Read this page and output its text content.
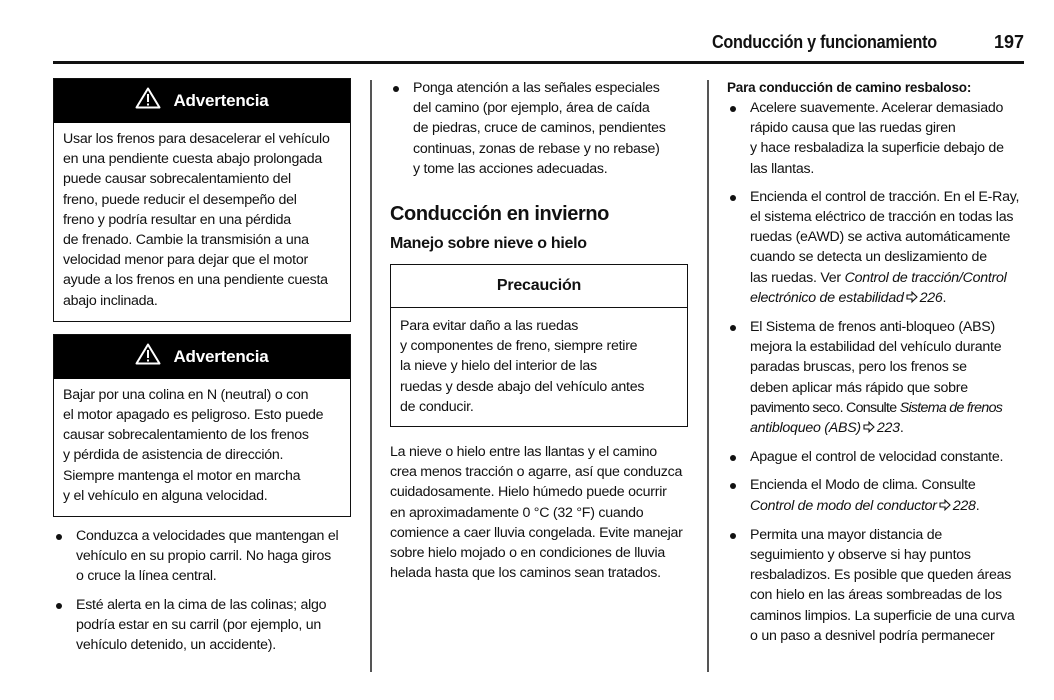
Conducción y funcionamiento	197
Advertencia

Usar los frenos para desacelerar el vehículo

en una pendiente cuesta abajo prolongada

puede causar sobrecalentamiento del

freno, puede reducir el desempeño del

freno y podría resultar en una pérdida

de frenado. Cambie la transmisión a una

velocidad menor para dejar que el motor

ayude a los frenos en una pendiente cuesta

abajo inclinada.

Advertencia

Bajar por una colina en N (neutral) o con

el motor apagado es peligroso. Esto puede

causar sobrecalentamiento de los frenos

y pérdida de asistencia de dirección.

Siempre mantenga el motor en marcha

y el vehículo en alguna velocidad.

Conduzca a velocidades que mantengan el

vehículo en su propio carril. No haga giros

o cruce la línea central.

Esté alerta en la cima de las colinas; algo

podría estar en su carril (por ejemplo, un

vehículo detenido, un accidente).

Ponga atención a las señales especiales

del camino (por ejemplo, área de caída

de piedras, cruce de caminos, pendientes

continuas, zonas de rebase y no rebase)

y tome las acciones adecuadas.

Conducción en invierno
Manejo sobre nieve o hielo
Precaución

Para evitar daño a las ruedas

y componentes de freno, siempre retire

la nieve y hielo del interior de las

ruedas y desde abajo del vehículo antes

de conducir.

La nieve o hielo entre las llantas y el camino

crea menos tracción o agarre, así que conduzca

cuidadosamente. Hielo húmedo puede ocurrir

en aproximadamente 0 °C (32 °F) cuando

comience a caer lluvia congelada. Evite manejar

sobre hielo mojado o en condiciones de lluvia

helada hasta que los caminos sean tratados.

Para conducción de camino resbaloso:

Acelere suavemente. Acelerar demasiado

rápido causa que las ruedas giren

y hace resbaladiza la superficie debajo de

las llantas.

Encienda el control de tracción. En el E-Ray,

el sistema eléctrico de tracción en todas las

ruedas (eAWD) se activa automáticamente

cuando se detecta un deslizamiento de

las ruedas. Ver Control de tracción/Control

electrónico de estabilidad 226.

El Sistema de frenos anti-bloqueo (ABS)

mejora la estabilidad del vehículo durante

paradas bruscas, pero los frenos se

deben aplicar más rápido que sobre

pavimento seco. Consulte Sistema de frenos

antibloqueo (ABS) 223.

Apague el control de velocidad constante.

Encienda el Modo de clima. Consulte

Control de modo del conductor 228.

Permita una mayor distancia de

seguimiento y observe si hay puntos

resbaladizos. Es posible que queden áreas

con hielo en las áreas sombreadas de los

caminos limpios. La superficie de una curva

o un paso a desnivel podría permanecer
